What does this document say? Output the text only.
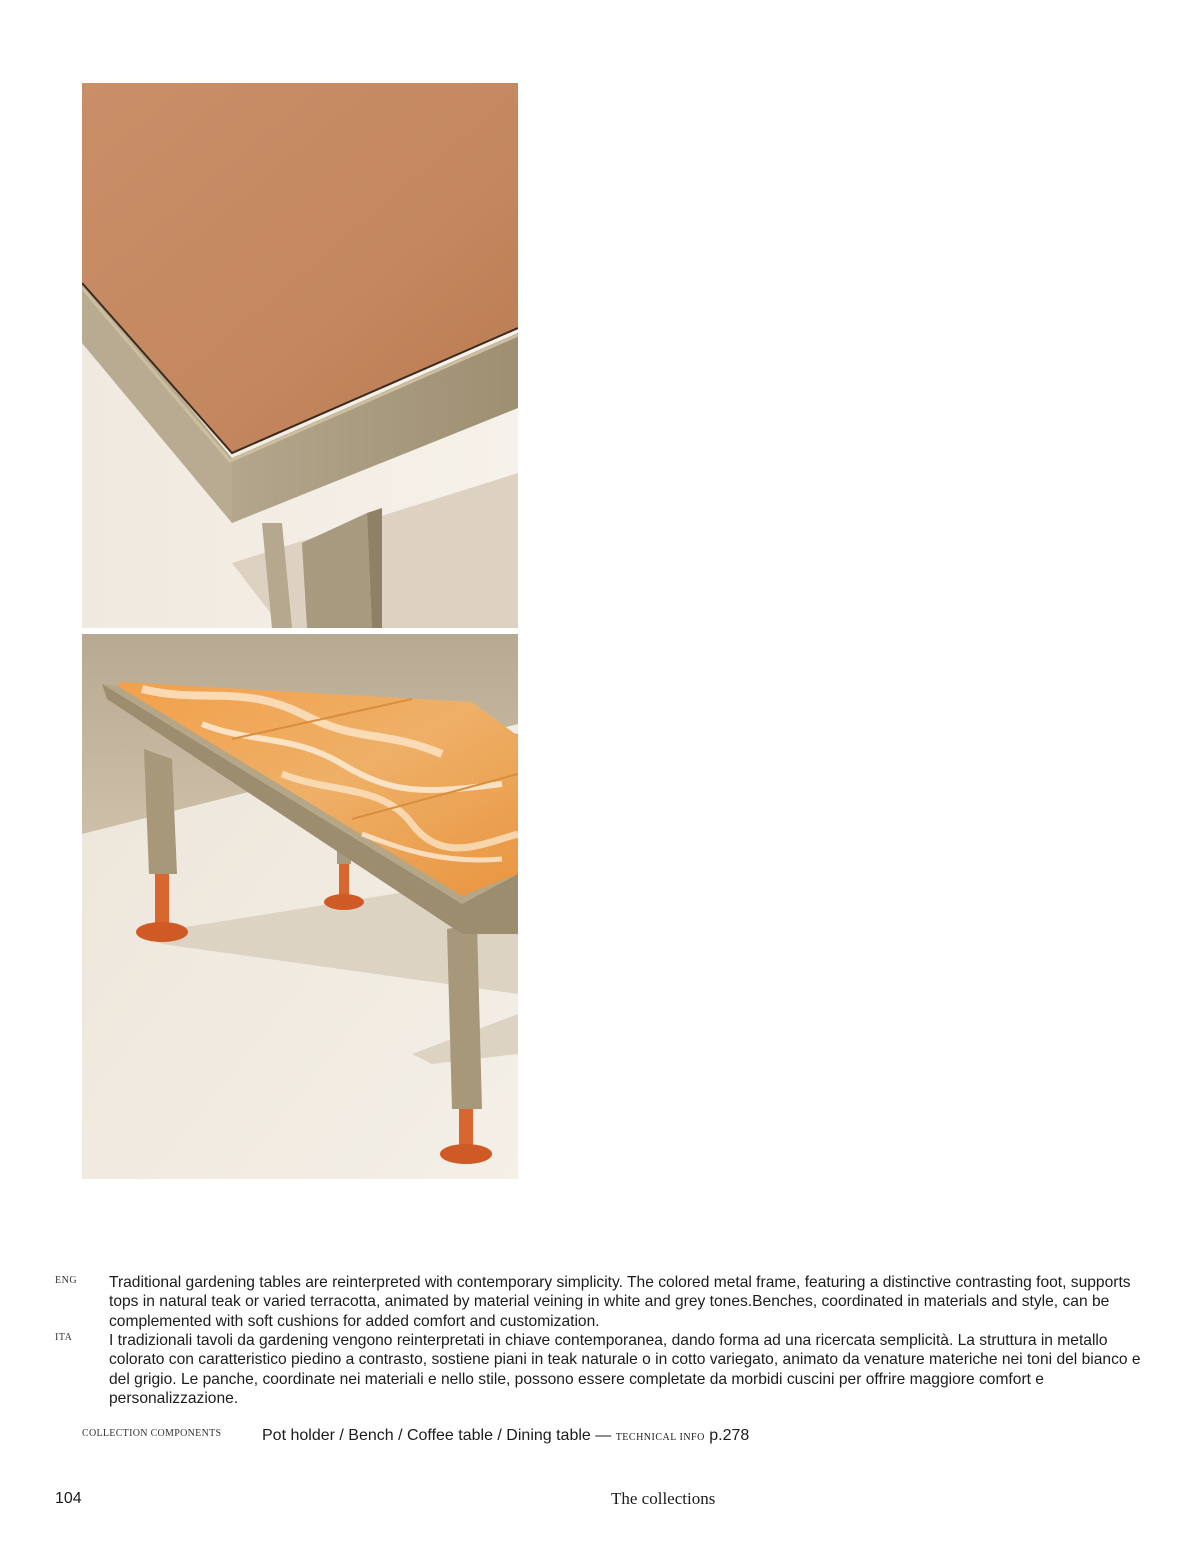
ENG Traditional gardening tables are reinterpreted with contemporary simplicity. The colored metal frame, featuring a distinctive contrasting foot, supports tops in natural teak or varied terracotta, animated by material veining in white and grey tones.Benches, coordinated in materials and style, can be complemented with soft cushions for added comfort and customization.
ITA I tradizionali tavoli da gardening vengono reinterpretati in chiave contemporanea, dando forma ad una ricercata semplicità. La struttura in metallo colorato con caratteristico piedino a contrasto, sostiene piani in teak naturale o in cotto variegato, animato da venature materiche nei toni del bianco e del grigio. Le panche, coordinate nei materiali e nello stile, possono essere completate da morbidi cuscini per offrire maggiore comfort e personalizzazione.
COLLECTION COMPONENTS	Pot holder / Bench / Coffee table / Dining table — TECHNICAL INFO p.278
104	The collections
